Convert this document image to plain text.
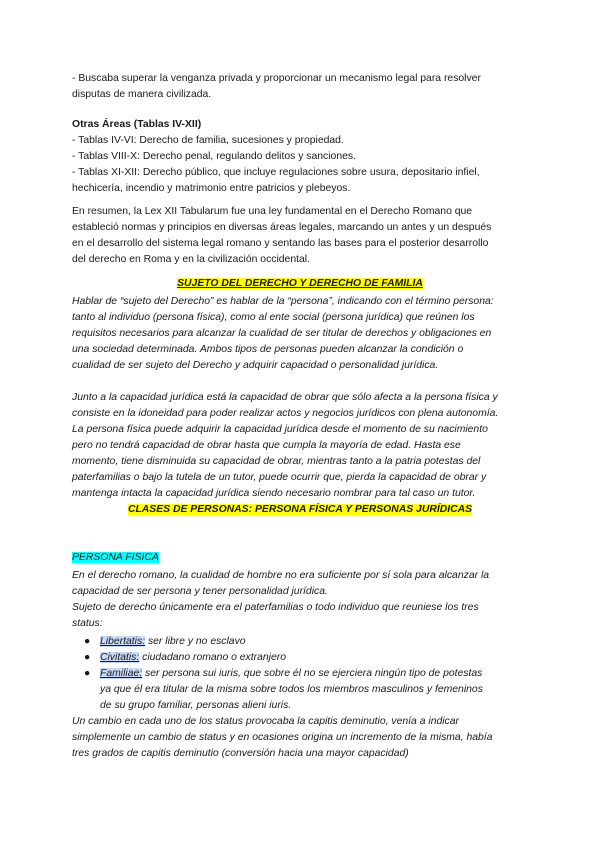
- Buscaba superar la venganza privada y proporcionar un mecanismo legal para resolver

disputas de manera civilizada.

Otras Áreas (Tablas IV-XII)

- Tablas IV-VI: Derecho de familia, sucesiones y propiedad.

- Tablas VIII-X: Derecho penal, regulando delitos y sanciones.

- Tablas XI-XII: Derecho público, que incluye regulaciones sobre usura, depositario infiel,

hechicería, incendio y matrimonio entre patricios y plebeyos.

En resumen, la Lex XII Tabularum fue una ley fundamental en el Derecho Romano que

estableció normas y principios en diversas áreas legales, marcando un antes y un después

en el desarrollo del sistema legal romano y sentando las bases para el posterior desarrollo

del derecho en Roma y en la civilización occidental.

SUJETO DEL DERECHO Y DERECHO DE FAMILIA

Hablar de “sujeto del Derecho” es hablar de la “persona”, indicando con el término persona:

tanto al individuo (persona física), como al ente social (persona jurídica) que reúnen los

requisitos necesarios para alcanzar la cualidad de ser titular de derechos y obligaciones en

una sociedad determinada. Ambos tipos de personas pueden alcanzar la condición o

cualidad de ser sujeto del Derecho y adquirir capacidad o personalidad jurídica.

Junto a la capacidad jurídica está la capacidad de obrar que sólo afecta a la persona física y

consiste en la idoneidad para poder realizar actos y negocios jurídicos con plena autonomía.

La persona física puede adquirir la capacidad jurídica desde el momento de su nacimiento

pero no tendrá capacidad de obrar hasta que cumpla la mayoría de edad. Hasta ese

momento, tiene disminuida su capacidad de obrar, mientras tanto a la patria potestas del

paterfamilias o bajo la tutela de un tutor, puede ocurrir que, pierda la capacidad de obrar y

mantenga intacta la capacidad jurídica siendo necesario nombrar para tal caso un tutor.

CLASES DE PERSONAS: PERSONA FÍSICA Y PERSONAS JURÍDICAS

PERSONA FISICA

En el derecho romano, la cualidad de hombre no era suficiente por sí sola para alcanzar la

capacidad de ser persona y tener personalidad jurídica.

Sujeto de derecho únicamente era el paterfamilias o todo individuo que reuniese los tres

status:

● Libertatis: ser libre y no esclavo
● Civitatis: ciudadano romano o extranjero
● Familiae: ser persona sui iuris, que sobre él no se ejerciera ningún tipo de potestas
ya que él era titular de la misma sobre todos los miembros masculinos y femeninos
de su grupo familiar, personas alieni iuris.

Un cambio en cada uno de los status provocaba la capitis deminutio, venía a indicar

simplemente un cambio de status y en ocasiones origina un incremento de la misma, había

tres grados de capitis deminutio (conversión hacia una mayor capacidad)
